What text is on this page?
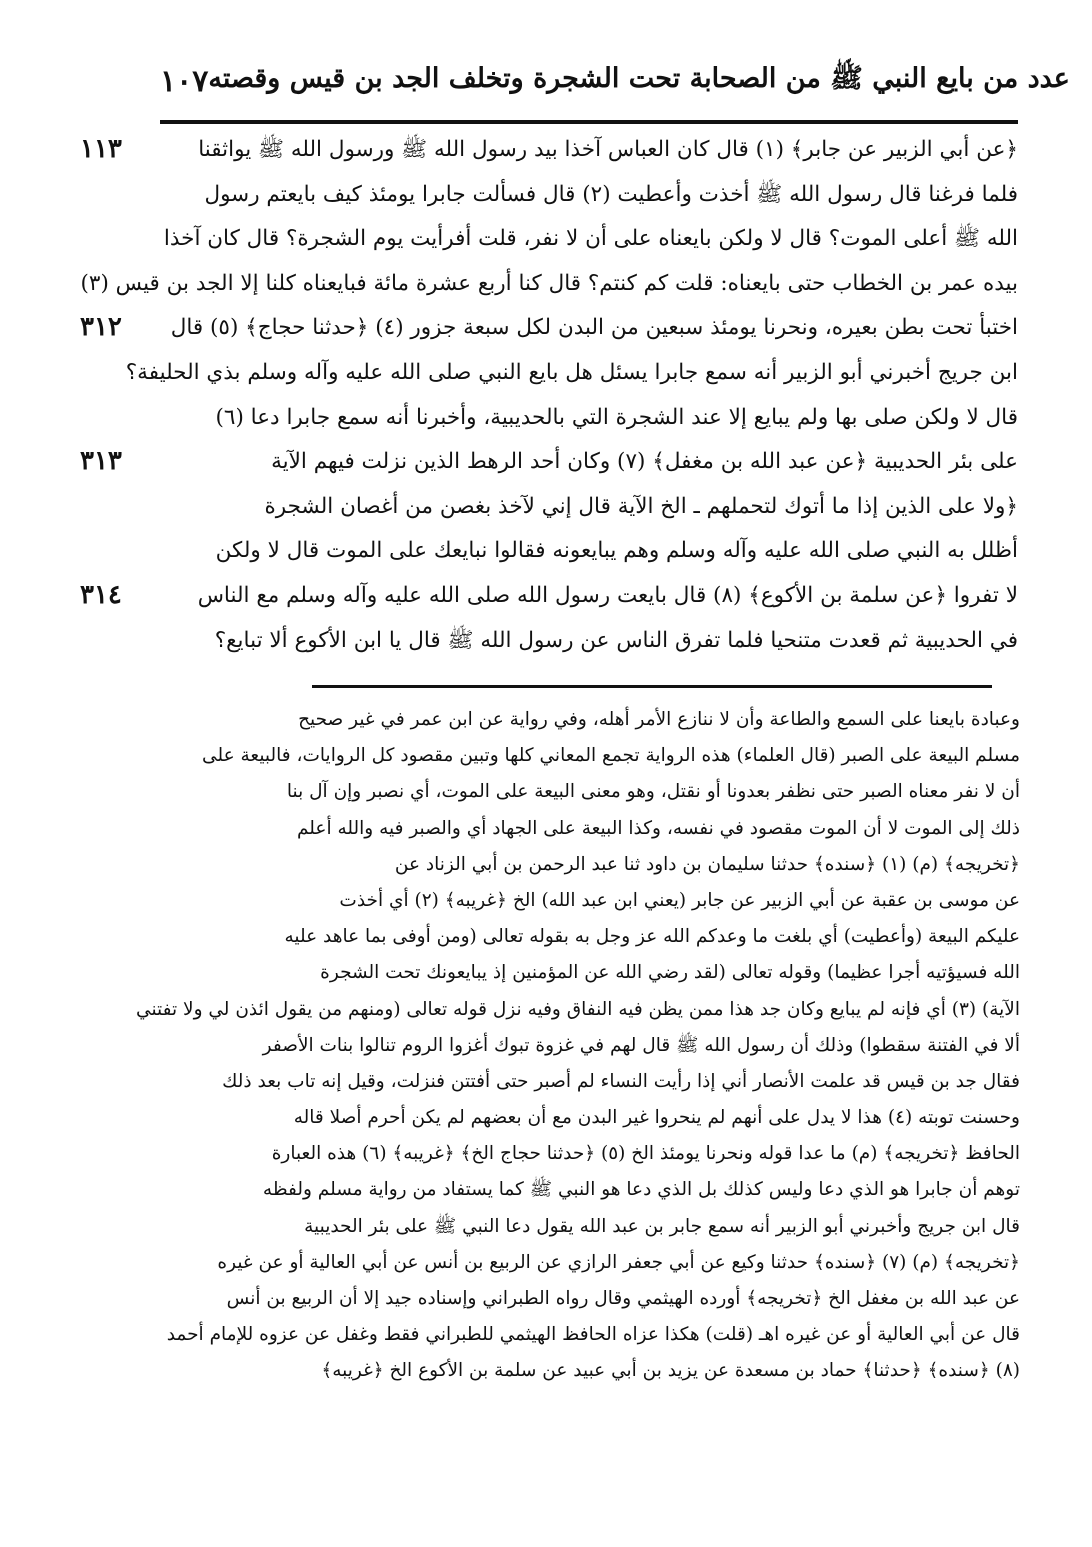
١٠٧ عدد من بايع النبي ﷺ من الصحابة تحت الشجرة وتخلف الجد بن قيس وقصته
١١٣
٣١٢
٣١٣
٣١٤
﴿عن أبي الزبير عن جابر﴾ (١) قال كان العباس آخذا بيد رسول الله ﷺ ورسول الله ﷺ يواثقنا
فلما فرغنا قال رسول الله ﷺ أخذت وأعطيت (٢) قال فسألت جابرا يومئذ كيف بايعتم رسول
الله ﷺ أعلى الموت؟ قال لا ولكن بايعناه على أن لا نفر، قلت أفرأيت يوم الشجرة؟ قال كان آخذا
بيده عمر بن الخطاب حتى بايعناه: قلت كم كنتم؟ قال كنا أربع عشرة مائة فبايعناه كلنا إلا الجد بن قيس (٣)
اختبأ تحت بطن بعيره، ونحرنا يومئذ سبعين من البدن لكل سبعة جزور (٤) ﴿حدثنا حجاج﴾ (٥) قال
ابن جريج أخبرني أبو الزبير أنه سمع جابرا يسئل هل بايع النبي صلى الله عليه وآله وسلم بذي الحليفة؟
قال لا ولكن صلى بها ولم يبايع إلا عند الشجرة التي بالحديبية، وأخبرنا أنه سمع جابرا دعا (٦)
على بئر الحديبية ﴿عن عبد الله بن مغفل﴾ (٧) وكان أحد الرهط الذين نزلت فيهم الآية
﴿ولا على الذين إذا ما أتوك لتحملهم ـ الخ الآية قال إني لآخذ بغصن من أغصان الشجرة
أظلل به النبي صلى الله عليه وآله وسلم وهم يبايعونه فقالوا نبايعك على الموت قال لا ولكن
لا تفروا ﴿عن سلمة بن الأكوع﴾ (٨) قال بايعت رسول الله صلى الله عليه وآله وسلم مع الناس
في الحديبية ثم قعدت متنحيا فلما تفرق الناس عن رسول الله ﷺ قال يا ابن الأكوع ألا تبايع؟
وعبادة بايعنا على السمع والطاعة وأن لا ننازع الأمر أهله، وفي رواية عن ابن عمر في غير صحيح
مسلم البيعة على الصبر (قال العلماء) هذه الرواية تجمع المعاني كلها وتبين مقصود كل الروايات، فالبيعة على
أن لا نفر معناه الصبر حتى نظفر بعدونا أو نقتل، وهو معنى البيعة على الموت، أي نصبر وإن آل بنا
ذلك إلى الموت لا أن الموت مقصود في نفسه، وكذا البيعة على الجهاد أي والصبر فيه والله أعلم
﴿تخريجه﴾ (م) (١) ﴿سنده﴾ حدثنا سليمان بن داود ثنا عبد الرحمن بن أبي الزناد عن
عن موسى بن عقبة عن أبي الزبير عن جابر (يعني ابن عبد الله) الخ ﴿غريبه﴾ (٢) أي أخذت
عليكم البيعة (وأعطيت) أي بلغت ما وعدكم الله عز وجل به بقوله تعالى (ومن أوفى بما عاهد عليه
الله فسيؤتيه أجرا عظيما) وقوله تعالى (لقد رضي الله عن المؤمنين إذ يبايعونك تحت الشجرة
الآية) (٣) أي فإنه لم يبايع وكان جد هذا ممن يظن فيه النفاق وفيه نزل قوله تعالى (ومنهم من يقول ائذن لي ولا تفتني
ألا في الفتنة سقطوا) وذلك أن رسول الله ﷺ قال لهم في غزوة تبوك أغزوا الروم تنالوا بنات الأصفر
فقال جد بن قيس قد علمت الأنصار أني إذا رأيت النساء لم أصبر حتى أفتتن فنزلت، وقيل إنه تاب بعد ذلك
وحسنت توبته (٤) هذا لا يدل على أنهم لم ينحروا غير البدن مع أن بعضهم لم يكن أحرم أصلا قاله
الحافظ ﴿تخريجه﴾ (م) ما عدا قوله ونحرنا يومئذ الخ (٥) ﴿حدثنا حجاج الخ﴾ ﴿غريبه﴾ (٦) هذه العبارة
توهم أن جابرا هو الذي دعا وليس كذلك بل الذي دعا هو النبي ﷺ كما يستفاد من رواية مسلم ولفظه
قال ابن جريج وأخبرني أبو الزبير أنه سمع جابر بن عبد الله يقول دعا النبي ﷺ على بئر الحديبية
﴿تخريجه﴾ (م) (٧) ﴿سنده﴾ حدثنا وكيع عن أبي جعفر الرازي عن الربيع بن أنس عن أبي العالية أو عن غيره
عن عبد الله بن مغفل الخ ﴿تخريجه﴾ أورده الهيثمي وقال رواه الطبراني وإسناده جيد إلا أن الربيع بن أنس
قال عن أبي العالية أو عن غيره اهـ (قلت) هكذا عزاه الحافظ الهيثمي للطبراني فقط وغفل عن عزوه للإمام أحمد
(٨) ﴿سنده﴾ ﴿حدثنا﴾ حماد بن مسعدة عن يزيد بن أبي عبيد عن سلمة بن الأكوع الخ ﴿غريبه﴾
